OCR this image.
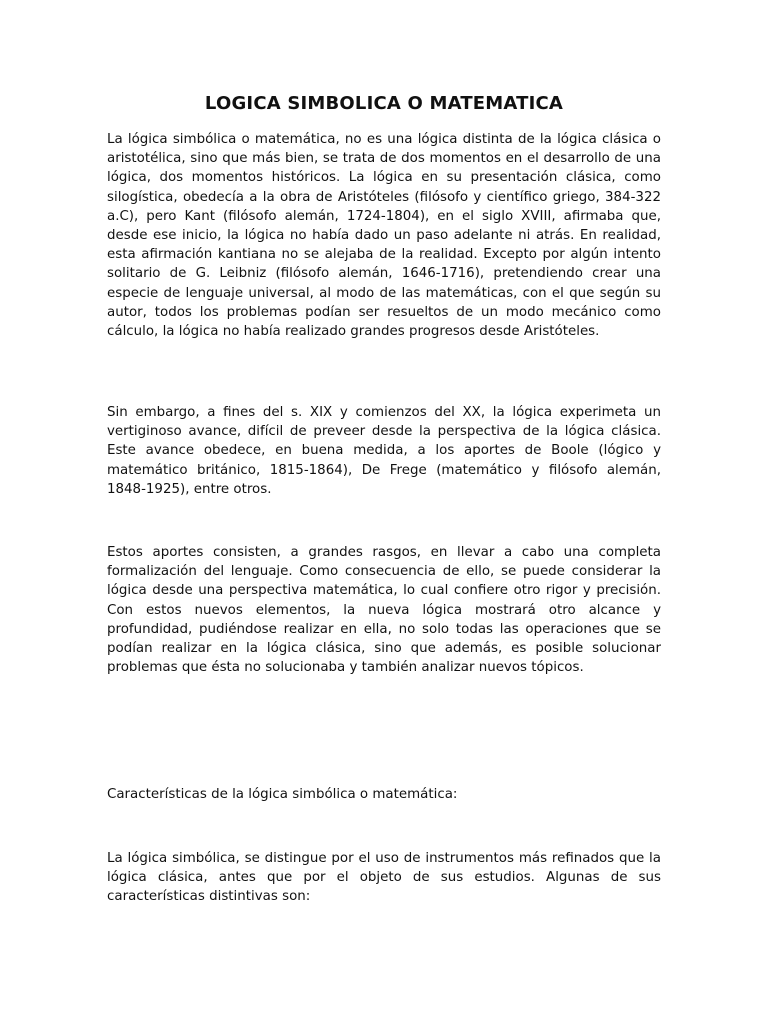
LOGICA SIMBOLICA O MATEMATICA

La lógica simbólica o matemática, no es una lógica distinta de la lógica clásica o aristotélica, sino que más bien, se trata de dos momentos en el desarrollo de una lógica, dos momentos históricos. La lógica en su presentación clásica, como silogística, obedecía a la obra de Aristóteles (filósofo y científico griego, 384-322 a.C), pero Kant (filósofo alemán, 1724-1804), en el siglo XVIII, afirmaba que, desde ese inicio, la lógica no había dado un paso adelante ni atrás. En realidad, esta afirmación kantiana no se alejaba de la realidad. Excepto por algún intento solitario de G. Leibniz (filósofo alemán, 1646-1716), pretendiendo crear una especie de lenguaje universal, al modo de las matemáticas, con el que según su autor, todos los problemas podían ser resueltos de un modo mecánico como cálculo, la lógica no había realizado grandes progresos desde Aristóteles.

Sin embargo, a fines del s. XIX y comienzos del XX, la lógica experimeta un vertiginoso avance, difícil de preveer desde la perspectiva de la lógica clásica. Este avance obedece, en buena medida, a los aportes de Boole (lógico y matemático británico, 1815-1864), De Frege (matemático y filósofo alemán, 1848-1925), entre otros.

Estos aportes consisten, a grandes rasgos, en llevar a cabo una completa formalización del lenguaje. Como consecuencia de ello, se puede considerar la lógica desde una perspectiva matemática, lo cual confiere otro rigor y precisión. Con estos nuevos elementos, la nueva lógica mostrará otro alcance y profundidad, pudiéndose realizar en ella, no solo todas las operaciones que se podían realizar en la lógica clásica, sino que además, es posible solucionar problemas que ésta no solucionaba y también analizar nuevos tópicos.

Características de la lógica simbólica o matemática:

La lógica simbólica, se distingue por el uso de instrumentos más refinados que la lógica clásica, antes que por el objeto de sus estudios. Algunas de sus características distintivas son:
